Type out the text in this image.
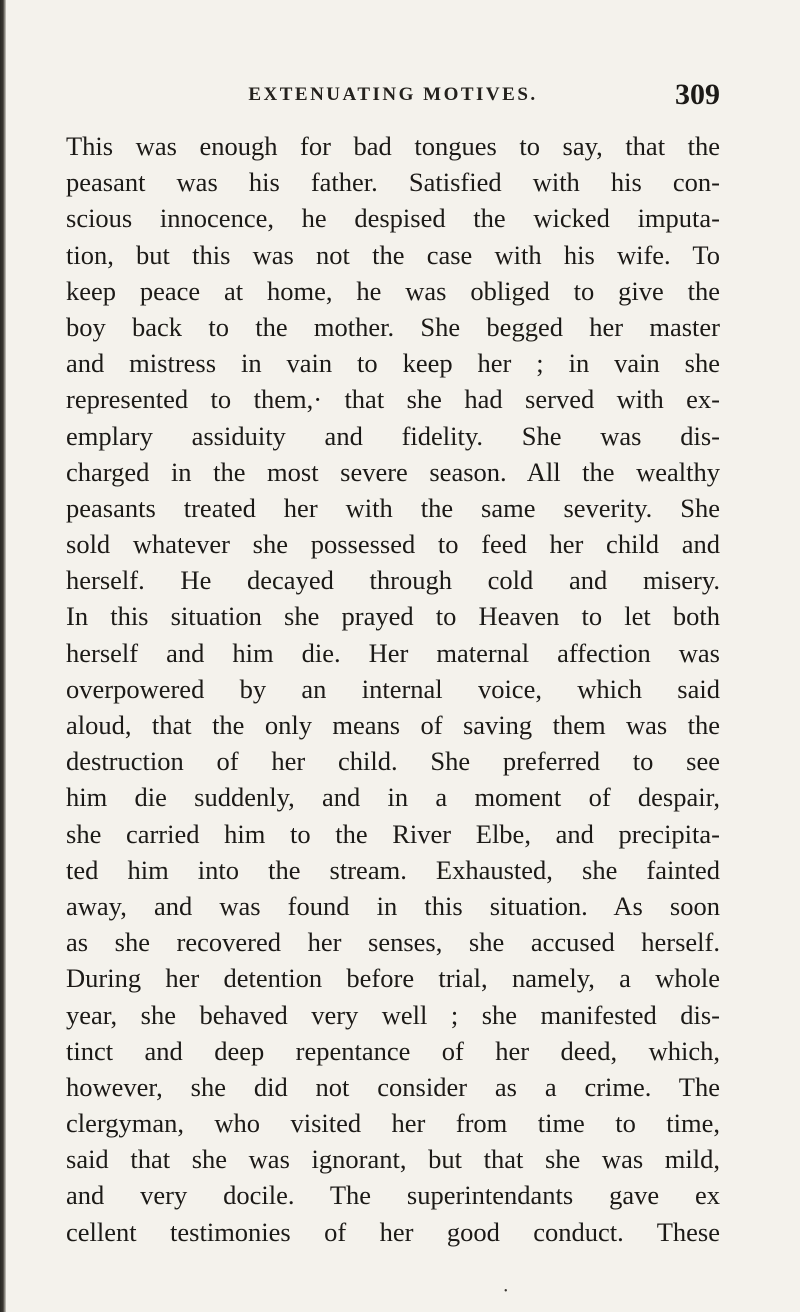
EXTENUATING MOTIVES.	309
This was enough for bad tongues to say, that the
peasant was his father. Satisfied with his con-
scious innocence, he despised the wicked imputa-
tion, but this was not the case with his wife. To
keep peace at home, he was obliged to give the
boy back to the mother. She begged her master
and mistress in vain to keep her ; in vain she
represented to them,· that she had served with ex-
emplary assiduity and fidelity. She was dis-
charged in the most severe season. All the wealthy
peasants treated her with the same severity. She
sold whatever she possessed to feed her child and
herself. He decayed through cold and misery.
In this situation she prayed to Heaven to let both
herself and him die. Her maternal affection was
overpowered by an internal voice, which said
aloud, that the only means of saving them was the
destruction of her child. She preferred to see
him die suddenly, and in a moment of despair,
she carried him to the River Elbe, and precipita-
ted him into the stream. Exhausted, she fainted
away, and was found in this situation. As soon
as she recovered her senses, she accused herself.
During her detention before trial, namely, a whole
year, she behaved very well ; she manifested dis-
tinct and deep repentance of her deed, which,
however, she did not consider as a crime. The
clergyman, who visited her from time to time,
said that she was ignorant, but that she was mild,
and very docile. The superintendants gave ex
cellent testimonies of her good conduct. These
•
